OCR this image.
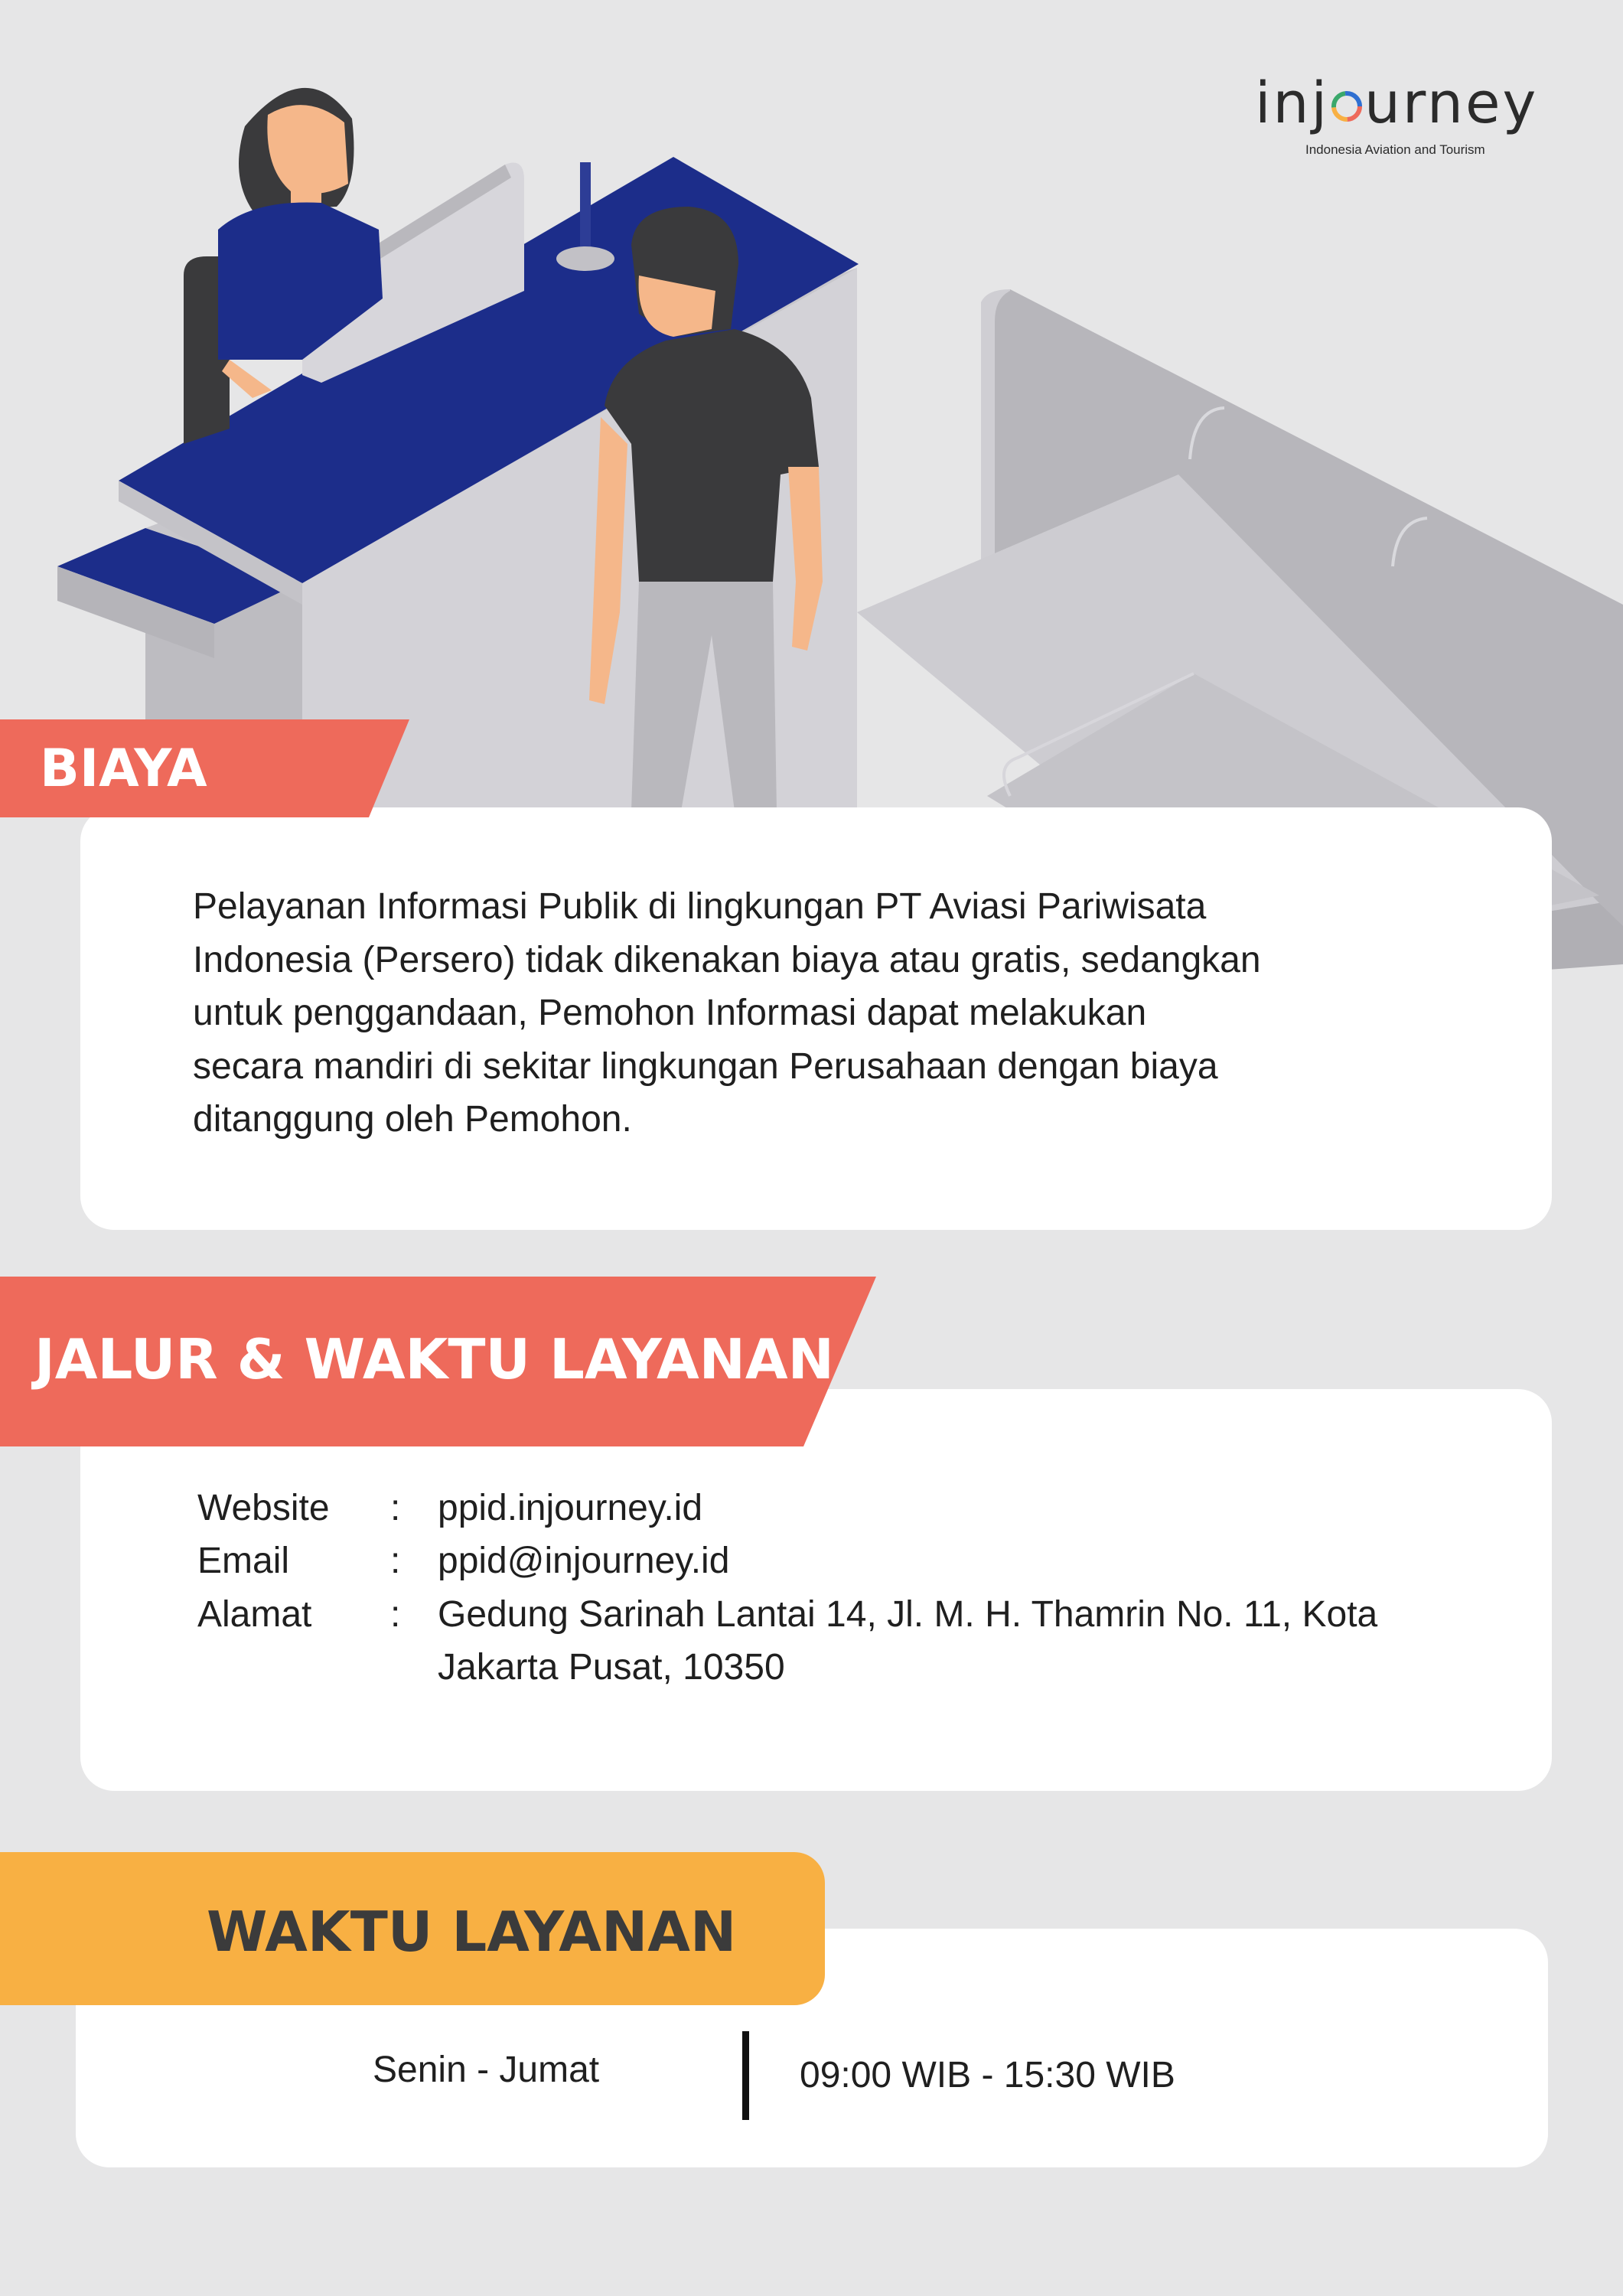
inj urney
Indonesia Aviation and Tourism
BIAYA
Pelayanan Informasi Publik di lingkungan PT Aviasi Pariwisata
Indonesia (Persero) tidak dikenakan biaya atau gratis, sedangkan
untuk penggandaan, Pemohon Informasi dapat melakukan
secara mandiri di sekitar lingkungan Perusahaan dengan biaya
ditanggung oleh Pemohon.
JALUR & WAKTU LAYANAN
Website : ppid.injourney.id
Email	: ppid@injourney.id
Alamat : Gedung Sarinah Lantai 14, Jl. M. H. Thamrin No. 11, Kota
Jakarta Pusat, 10350
WAKTU LAYANAN
Senin - Jumat	09:00 WIB - 15:30 WIB
